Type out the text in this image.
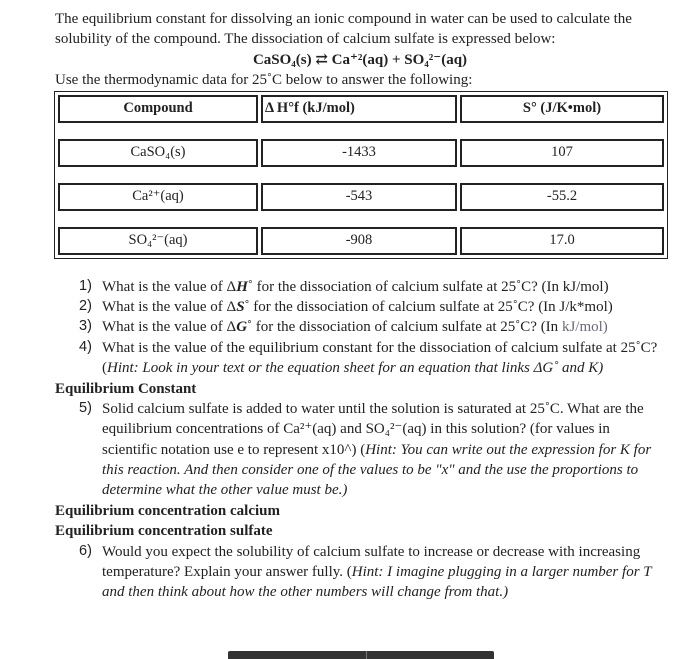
The equilibrium constant for dissolving an ionic compound in water can be used to calculate the solubility of the compound. The dissociation of calcium sulfate is expressed below:

CaSO₄(s) ⇄ Ca⁺²(aq) + SO₄²⁻(aq)

Use the thermodynamic data for 25˚C below to answer the following:

Compound	Δ H°f (kJ/mol)	S° (J/K•mol)

CaSO₄(s)	-1433	107

Ca²⁺(aq)	-543	-55.2

SO₄²⁻(aq)	-908	17.0
1) What is the value of ΔH˚ for the dissociation of calcium sulfate at 25˚C? (In kJ/mol)
2) What is the value of ΔS˚ for the dissociation of calcium sulfate at 25˚C? (In J/k*mol)
3) What is the value of ΔG˚ for the dissociation of calcium sulfate at 25˚C? (In kJ/mol)
4) What is the value of the equilibrium constant for the dissociation of calcium sulfate at 25˚C? (Hint: Look in your text or the equation sheet for an equation that links ΔG˚ and K)

Equilibrium Constant

5) Solid calcium sulfate is added to water until the solution is saturated at 25˚C. What are the equilibrium concentrations of Ca²⁺(aq) and SO₄²⁻(aq) in this solution? (for values in scientific notation use e to represent x10^) (Hint: You can write out the expression for K for this reaction. And then consider one of the values to be "x" and the use the proportions to determine what the other value must be.)

Equilibrium concentration calcium

Equilibrium concentration sulfate

6) Would you expect the solubility of calcium sulfate to increase or decrease with increasing temperature? Explain your answer fully. (Hint: I imagine plugging in a larger number for T and then think about how the other numbers will change from that.)
